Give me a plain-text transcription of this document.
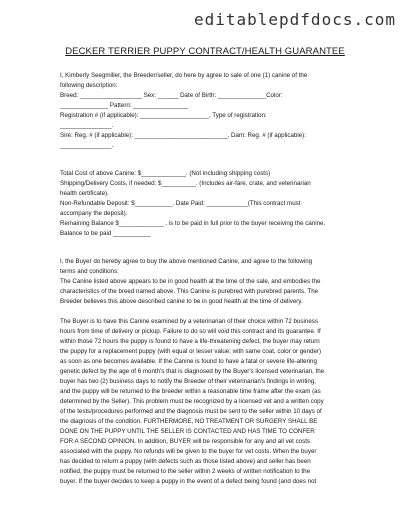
editablepdfdocs.com

DECKER TERRIER PUPPY CONTRACT/HEALTH GUARANTEE

I, Kimberly Seegmiller, the Breeder/seller, do here by agree to sale of one (1) canine of the

following description:

Breed: __________________ Sex: ______ Date of Birth: ______________Color:

______________ Pattern: ________________

Registration # (if applicable): ____________________, Type of registration:

_______________.

Sire: Reg. # (if applicable): ___________________________, Dam: Reg. # (if applicable):

_______________.

Total Cost of above Canine: $_____________. (Not including shipping costs)

Shipping/Delivery Costs, if needed: $__________. (Includes air-fare, crate, and veterinarian

health certificate).

Non-Refundable Deposit: $___________. Date Paid: ____________(This contract must

accompany the deposit).

Remaining Balance $_____________ , is to be paid in full prior to the buyer receiving the canine.

Balance to be paid ___________

I, the Buyer do hereby agree to buy the above mentioned Canine, and agree to the following

terms and conditions:

The Canine listed above appears to be in good health at the time of the sale, and embodies the

characteristics of the breed named above. This Canine is purebred with purebred parents. The

Breeder believes this above described canine to be in good health at the time of delivery.

The Buyer is to have this Canine examined by a veterinarian of their choice within 72 business

hours from time of delivery or pickup. Failure to do so will void this contract and its guarantee. If

within those 72 hours the puppy is found to have a life-threatening defect, the buyer may return

the puppy for a replacement puppy (with equal or lesser value; with same coat, color or gender)

as soon as one becomes available. If the Canine is found to have a fatal or severe life-altering

genetic defect by the age of 6 month's that is diagnosed by the Buyer's licensed veterinarian, the

buyer has two (2) business days to notify the Breeder of their veterinarian's findings in writing,

and the puppy will be returned to the breeder within a reasonable time frame after the exam (as

determined by the Seller). This problem must be recognized by a licensed vet and a written copy

of the tests/procedures performed and the diagnosis must be sent to the seller within 10 days of

the diagnosis of the condition. FURTHERMORE, NO TREATMENT OR SURGERY SHALL BE

DONE ON THE PUPPY UNTIL THE SELLER IS CONTACTED AND HAS TIME TO CONFER

FOR A SECOND OPINION. In addition, BUYER will be responsible for any and all vet costs

associated with the puppy. No refunds will be given to the buyer for vet costs. When the buyer

has decided to return a puppy (with defects such as those listed above) and seller has been

notified, the puppy must be returned to the seller within 2 weeks of written notification to the

buyer. If the buyer decides to keep a puppy in the event of a defect being found (and does not
